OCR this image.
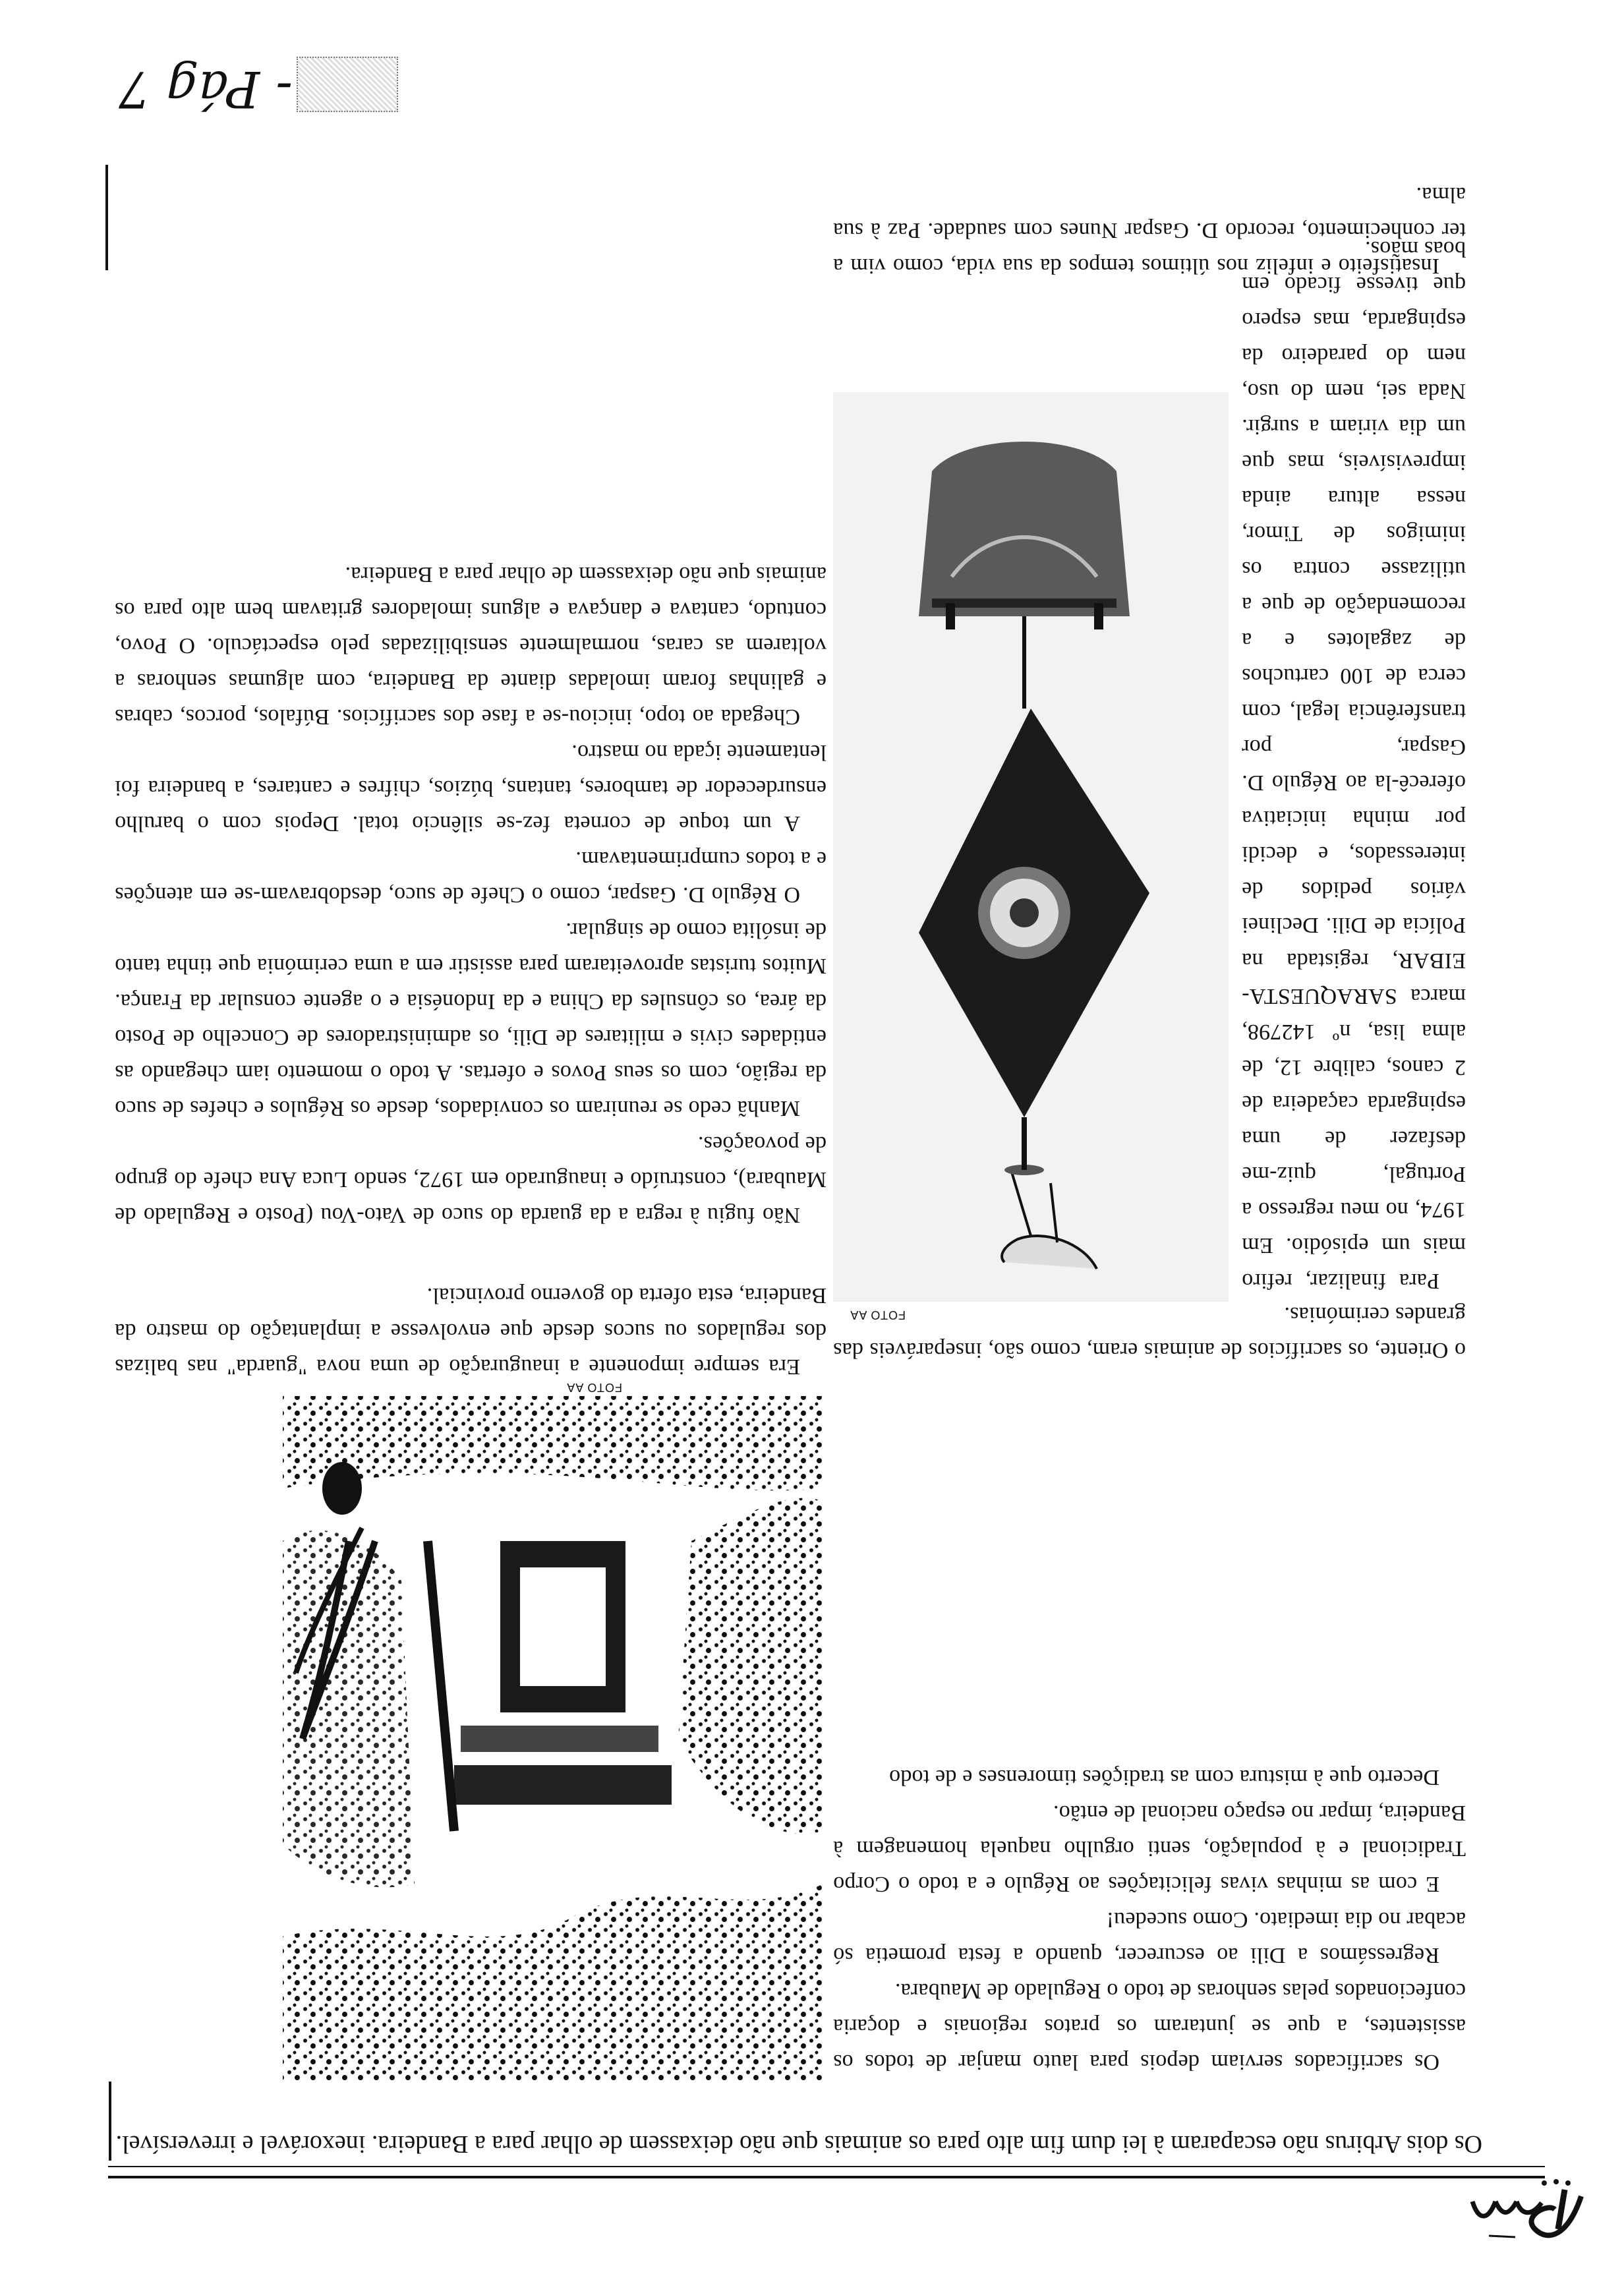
Os dois Arbirus não escaparam à lei dum fim alto para os animais que não deixassem de olhar para a Bandeira. inexorável e irreversível.

FOTO AA

Os sacrificados serviam depois para lauto manjar de todos os assistentes, a que se juntaram os pratos regionais e doçaria confecionados pelas senhoras de todo o Regulado de Maubara.

Regressámos a Dili ao escurecer, quando a festa prometia só acabar no dia imediato. Como sucedeu!

E com as minhas vivas felicitações ao Régulo e a todo o Corpo Tradicional e à população, senti orgulho naquela homenagem à Bandeira, ímpar no espaço nacional de então.

Decerto que à mistura com as tradições timorenses e de todo

Era sempre imponente a inauguração de uma nova "guarda" nas balizas dos regulados ou sucos desde que envolvesse a implantação do mastro da Bandeira, esta oferta do governo provincial.

o Oriente, os sacrifícios de animais eram, como são, inseparáveis das grandes cerimónias.

Não fugiu à regra a da guarda do suco de Vato-Vou (Posto e Regulado de Maubara), construído e inaugurado em 1972, sendo Luca Ana chefe do grupo de povoações.

Manhã cedo se reuniram os convidados, desde os Régulos e chefes de suco da região, com os seus Povos e ofertas. A todo o momento iam chegando as entidades civis e militares de Dili, os administradores de Concelho de Posto da área, os cônsules da China e da Indonésia e o agente consular da França. Muitos turistas aproveitaram para assistir em a uma cerimónia que tinha tanto de insólita como de singular.

O Régulo D. Gaspar, como o Chefe de suco, desdobravam-se em atenções e a todos cumprimentavam.

A um toque de corneta fez-se silêncio total. Depois com o barulho ensurdecedor de tambores, tantans, búzios, chifres e cantares, a bandeira foi lentamente içada no mastro.

Chegada ao topo, iniciou-se a fase dos sacrifícios. Búfalos, porcos, cabras e galinhas foram imoladas diante da Bandeira, com algumas senhoras a voltarem as caras, normalmente sensibilizadas pelo espectáculo. O Povo, contudo, cantava e dançava e alguns imoladores gritavam bem alto para os animais que não deixassem de olhar para a Bandeira.

FOTO AA

Para finalizar, refiro mais um episódio. Em 1974, no meu regresso a Portugal, quiz-me desfazer de uma espingarda caçadeira de 2 canos, calibre 12, de alma lisa, nº 142798, marca SARAQUESTA-EIBAR, registada na Polícia de Dili. Declinei vários pedidos de interessados, e decidi por minha iniciativa oferecê-la ao Régulo D. Gaspar, por transferência legal, com cerca de 100 cartuchos de zagalotes e a recomendação de que a utilizasse contra os inimigos de Timor, nessa altura ainda imprevisíveis, mas que um dia viriam a surgir. Nada sei, nem do uso, nem do paradeiro da espingarda, mas espero que tivesse ficado em boas mãos.

Insatisfeito e infeliz nos últimos tempos da sua vida, como vim a ter conhecimento, recordo D. Gaspar Nunes com saudade. Paz à sua alma.

- Pág 7
